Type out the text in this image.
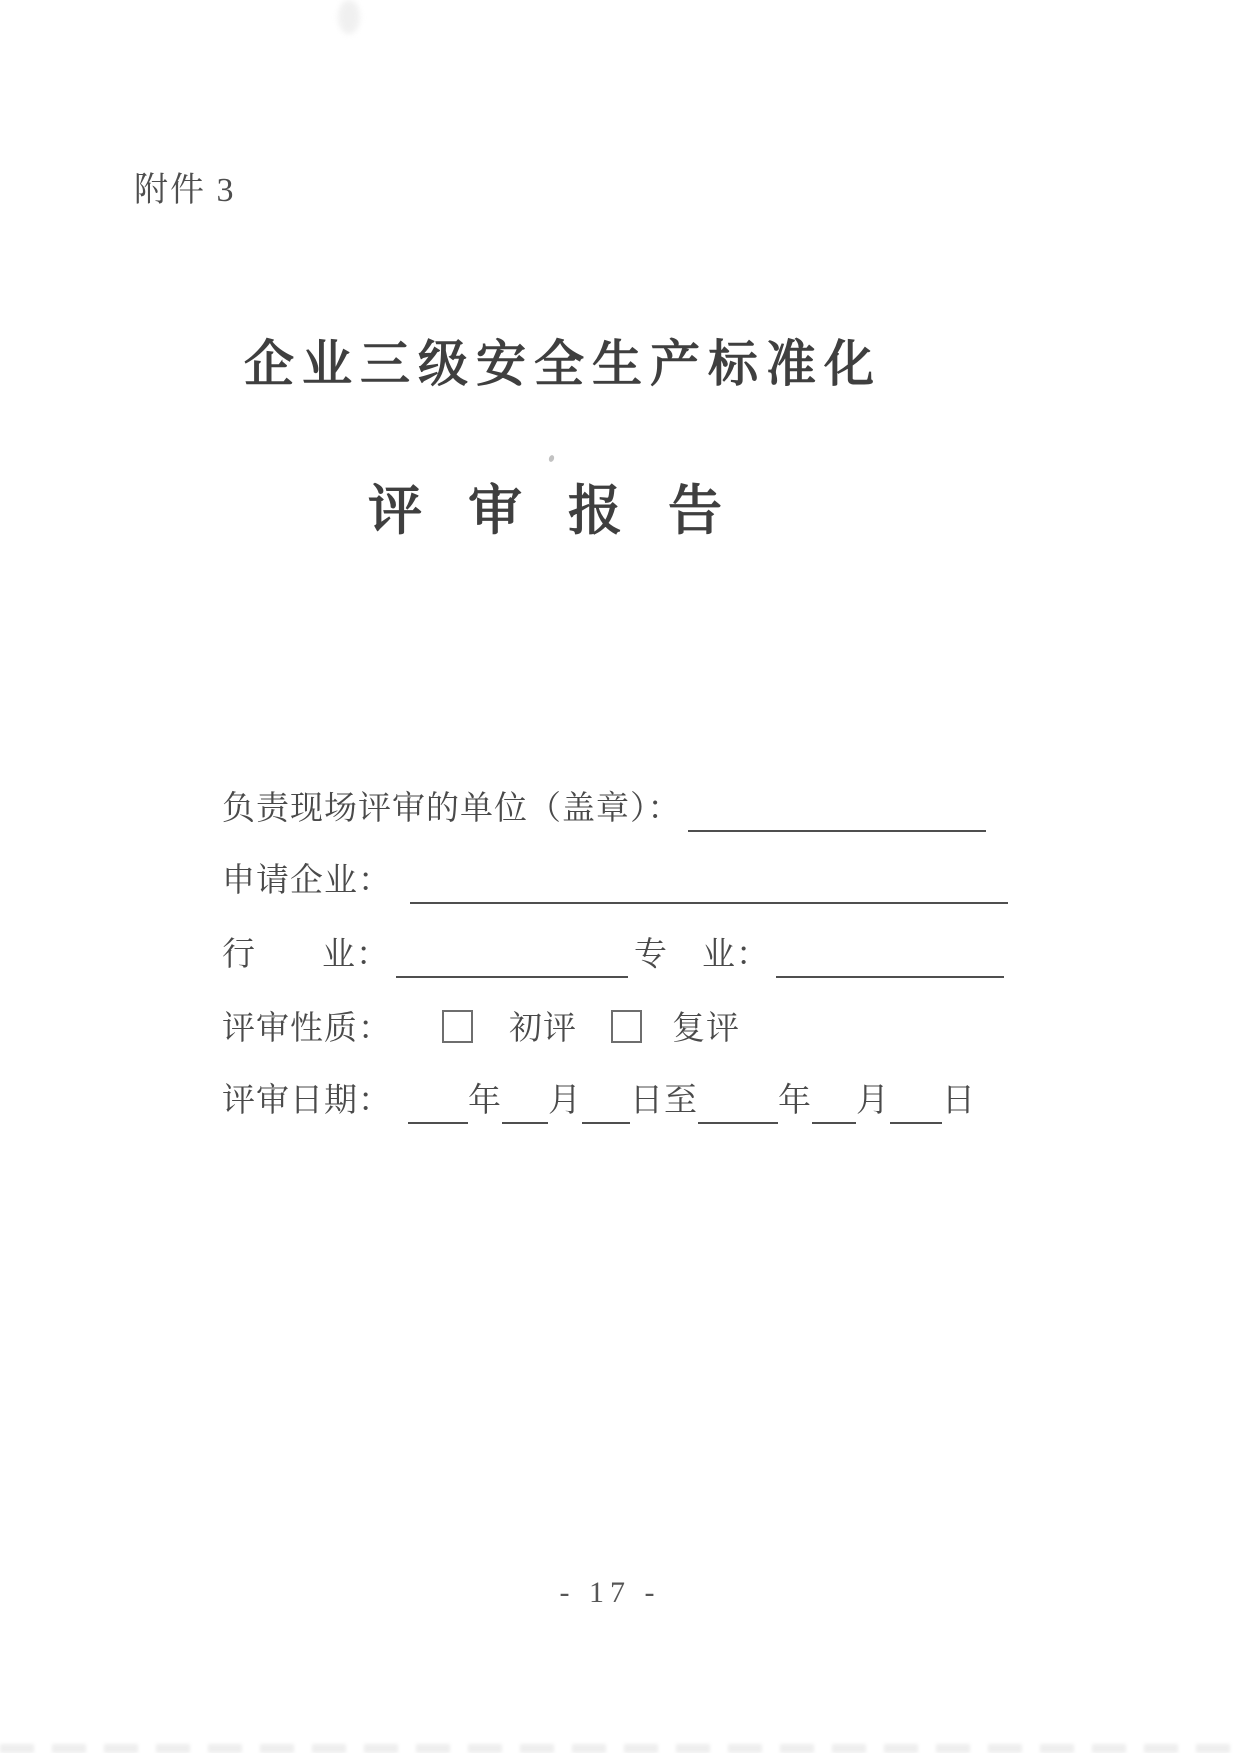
附件 3
企业三级安全生产标准化
评审报告
负责现场评审的单位（盖章）：
申请企业：
行 业：	专 业：
评审性质：	初评	复评
评审日期： 年 月 日至 年 月 日
- 17 -
